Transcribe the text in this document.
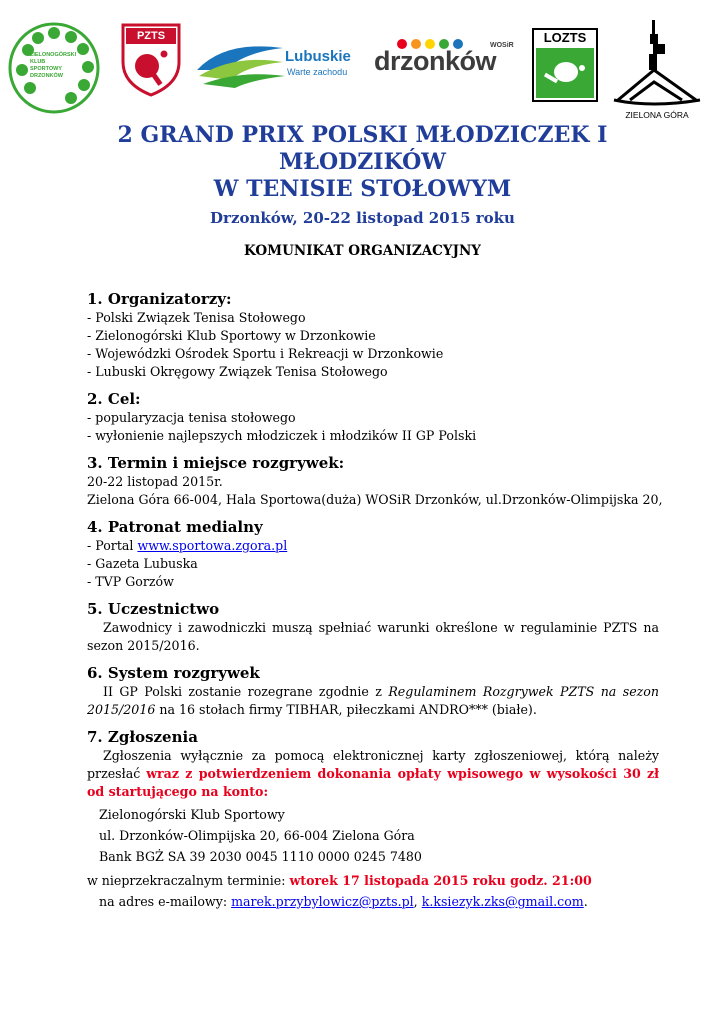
ZIELONOGÓRSKI
KLUB
SPORTOWY
DRZONKÓW
PZTS
Lubuskie
Warte zachodu drzonków
WOSiR
LOZTS
ZIELONA GÓRA
2 GRAND PRIX POLSKI MŁODZICZEK I
MŁODZIKÓW
W TENISIE STOŁOWYM
Drzonków, 20-22 listopad 2015 roku
KOMUNIKAT ORGANIZACYJNY
1. Organizatorzy:
- Polski Związek Tenisa Stołowego
- Zielonogórski Klub Sportowy w Drzonkowie
- Wojewódzki Ośrodek Sportu i Rekreacji w Drzonkowie
- Lubuski Okręgowy Związek Tenisa Stołowego
2. Cel:
- popularyzacja tenisa stołowego
- wyłonienie najlepszych młodziczek i młodzików II GP Polski
3. Termin i miejsce rozgrywek:
20-22 listopad 2015r.
Zielona Góra 66-004, Hala Sportowa(duża) WOSiR Drzonków, ul.Drzonków-Olimpijska 20,
4. Patronat medialny
- Portal www.sportowa.zgora.pl
- Gazeta Lubuska
- TVP Gorzów
5. Uczestnictwo
Zawodnicy i zawodniczki muszą spełniać warunki określone w regulaminie PZTS na sezon 2015/2016.
6. System rozgrywek
II GP Polski zostanie rozegrane zgodnie z Regulaminem Rozgrywek PZTS na sezon 2015/2016 na 16 stołach firmy TIBHAR, piłeczkami ANDRO*** (białe).
7. Zgłoszenia
Zgłoszenia wyłącznie za pomocą elektronicznej karty zgłoszeniowej, którą należy przesłać wraz z potwierdzeniem dokonania opłaty wpisowego w wysokości 30 zł od startującego na konto:
Zielonogórski Klub Sportowy
ul. Drzonków-Olimpijska 20, 66-004 Zielona Góra
Bank BGŻ SA 39 2030 0045 1110 0000 0245 7480
w nieprzekraczalnym terminie: wtorek 17 listopada 2015 roku godz. 21:00
na adres e-mailowy: marek.przybylowicz@pzts.pl, k.ksiezyk.zks@gmail.com.
